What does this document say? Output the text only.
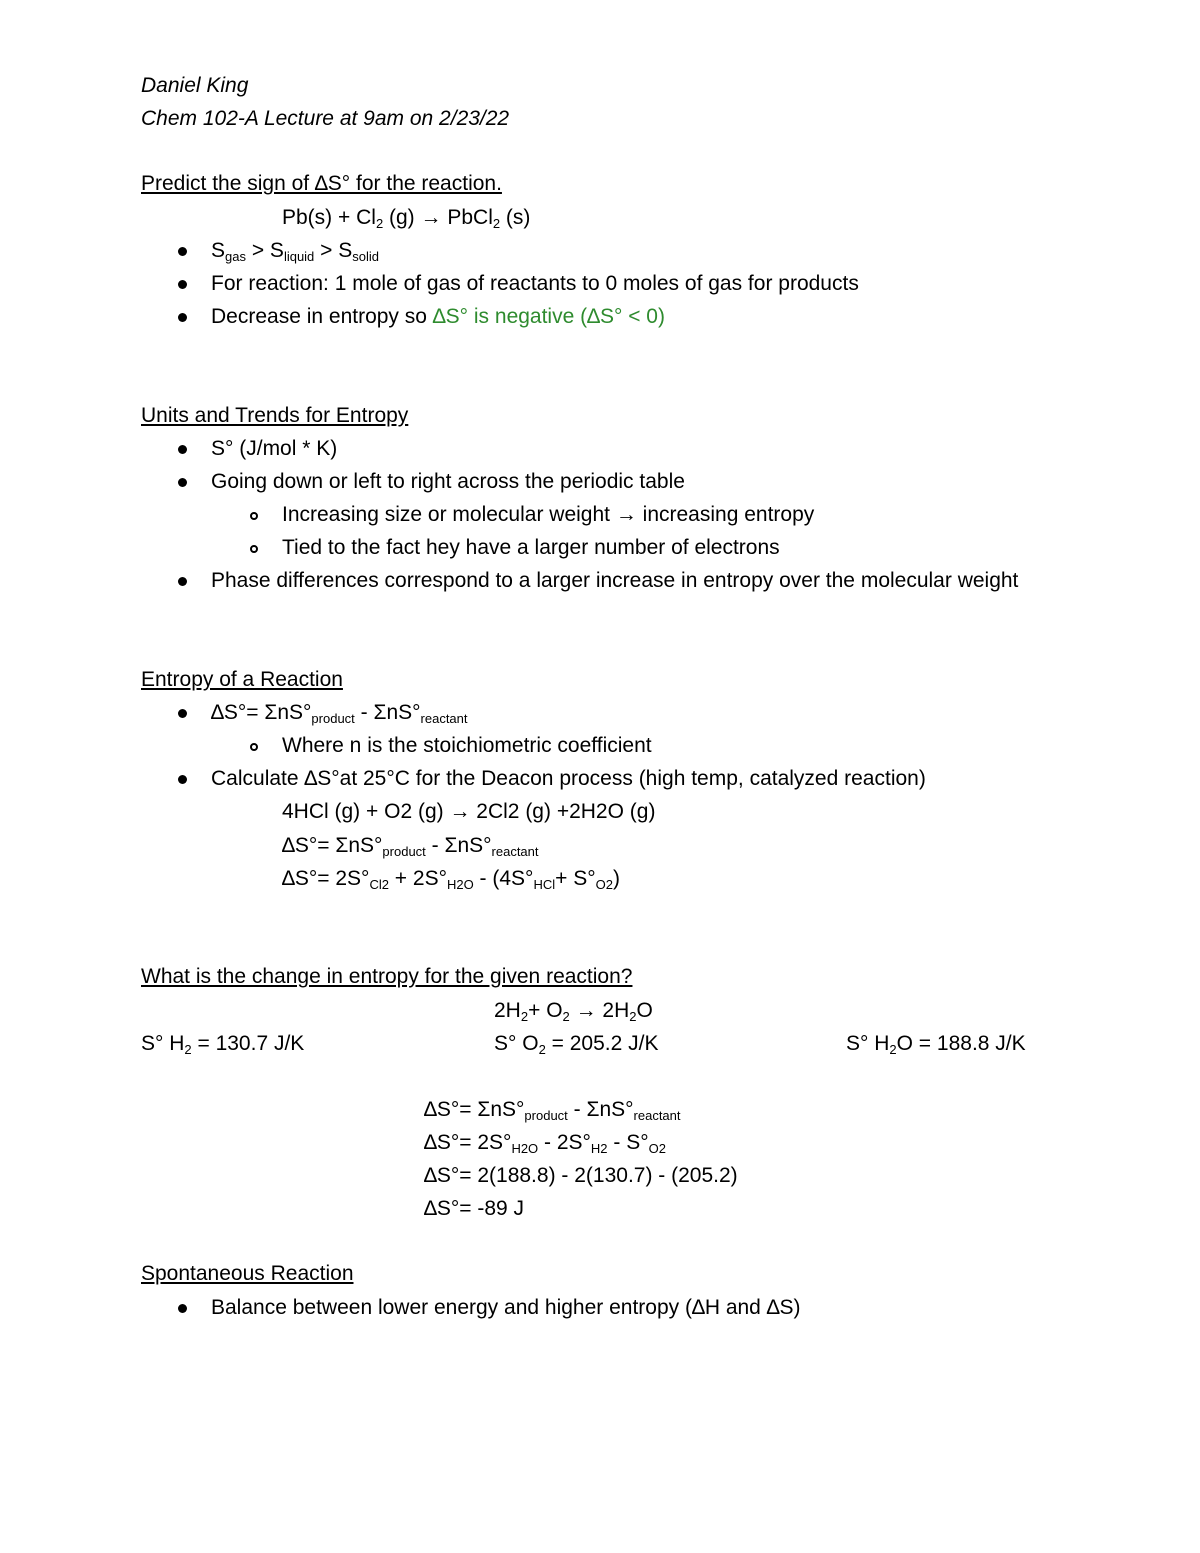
Daniel King
Chem 102-A Lecture at 9am on 2/23/22
Predict the sign of ∆S° for the reaction.
$Pb(s) + Cl_2$ (g) → PbCl$_2$ (s)
$S_{gas} > S_{liquid} > S_{solid}$
For reaction: 1 mole of gas of reactants to 0 moles of gas for products
Decrease in entropy so ∆S° is negative (∆S° < 0)
Units and Trends for Entropy
S° (J/mol * K)
Going down or left to right across the periodic table
Increasing size or molecular weight → increasing entropy
Tied to the fact hey have a larger number of electrons
Phase differences correspond to a larger increase in entropy over the molecular weight
Entropy of a Reaction
$\Delta S^\circ= \Sigma nS^\circ_{product} - \Sigma nS^\circ_{reactant}$
Where n is the stoichiometric coefficient
Calculate ∆S°at 25°C for the Deacon process (high temp, catalyzed reaction)
4HCl (g) + O2 (g) → 2Cl2 (g) +2H2O (g)
$\Delta S^\circ= \Sigma nS^\circ_{product} - \Sigma nS^\circ_{reactant}$
$\Delta S^\circ= 2S^\circ_{Cl2} + 2S^\circ_{H2O} - (4S^\circ_{HCl}+ S^\circ_{O2})$
What is the change in entropy for the given reaction?
$2H_2+ O_2 \to 2H_2O$
S° $H_2 = 130.7$ J/K	S° $O_2 = 205.2$ J/K	S° $H_2O = 188.8$ J/K
$\Delta S^\circ= \Sigma nS^\circ_{product} - \Sigma nS^\circ_{reactant}$
$\Delta S^\circ= 2S^\circ_{H2O} - 2S^\circ_{H2} - S^\circ_{O2}$
∆S°= 2(188.8) - 2(130.7) - (205.2)
∆S°= -89 J
Spontaneous Reaction
Balance between lower energy and higher entropy (∆H and ∆S)
